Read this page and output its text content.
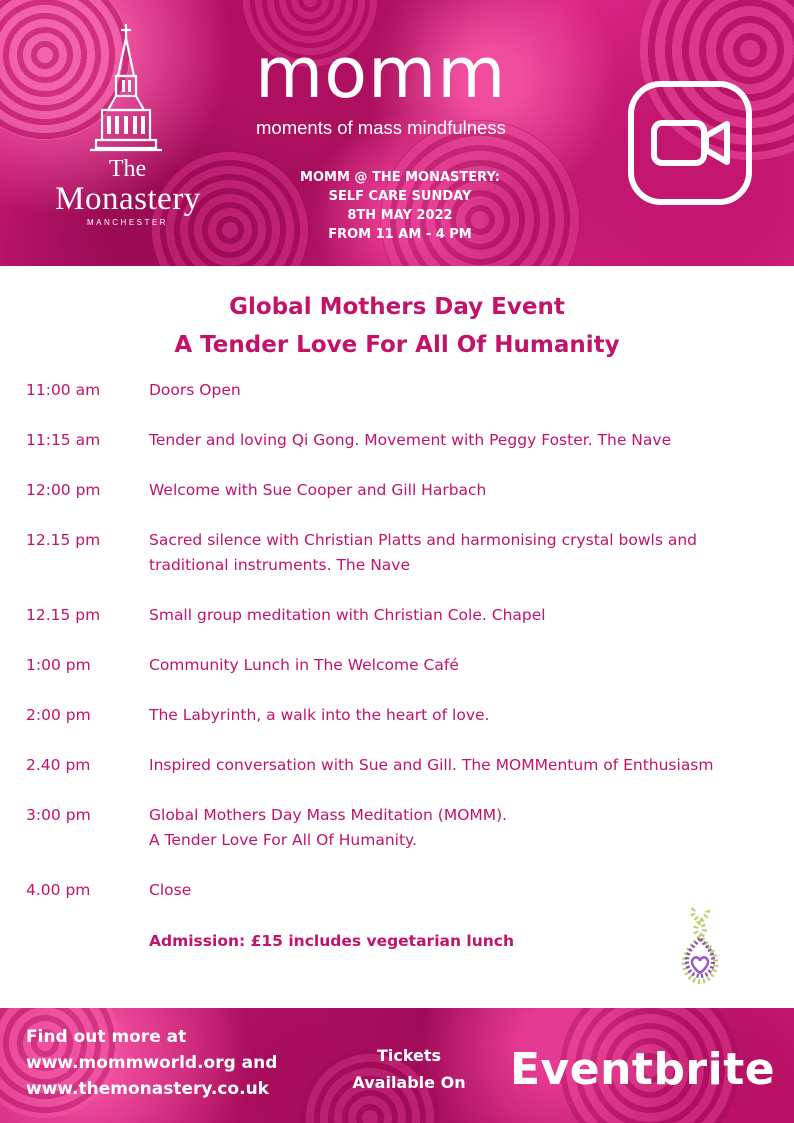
The
Monastery
MANCHESTER
momm
moments of mass mindfulness
MOMM @ THE MONASTERY:
SELF CARE SUNDAY
8TH MAY 2022
FROM 11 AM - 4 PM
Global Mothers Day Event
A Tender Love For All Of Humanity
11:00 am	Doors Open
11:15 am	Tender and loving Qi Gong. Movement with Peggy Foster. The Nave
12:00 pm	Welcome with Sue Cooper and Gill Harbach
12.15 pm	Sacred silence with Christian Platts and harmonising crystal bowls and traditional instruments. The Nave
12.15 pm	Small group meditation with Christian Cole. Chapel
1:00 pm	Community Lunch in The Welcome Café
2:00 pm	The Labyrinth, a walk into the heart of love.
2.40 pm	Inspired conversation with Sue and Gill. The MOMMentum of Enthusiasm
3:00 pm	Global Mothers Day Mass Meditation (MOMM).
A Tender Love For All Of Humanity.
4.00 pm	Close
Admission: £15 includes vegetarian lunch
Find out more at
www.mommworld.org and
www.themonastery.co.uk
Tickets
Available On Eventbrite
